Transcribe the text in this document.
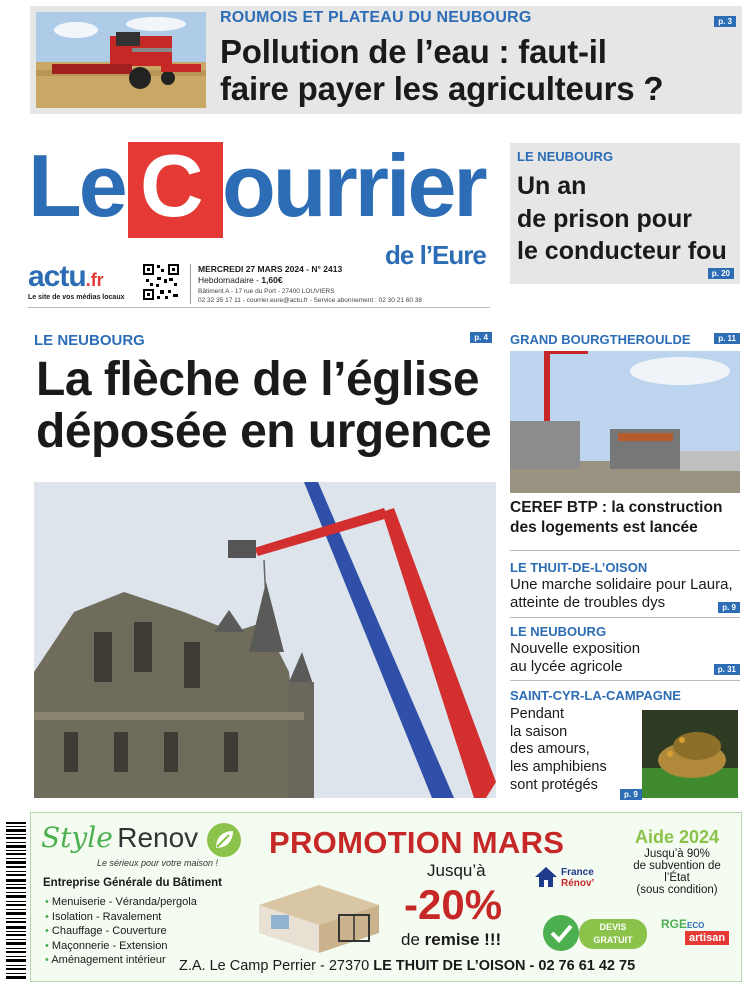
ROUMOIS ET PLATEAU DU NEUBOURG	p. 3
Pollution de l’eau : faut-il
faire payer les agriculteurs ?
Le C ourrier
de l’Eure
actu.fr
Le site de vos médias locaux
MERCREDI 27 MARS 2024 - N° 2413
Hebdomadaire - 1,60€
Bâtiment A - 17 rue du Port - 27400 LOUVIERS
02 32 35 17 11 - courrier.eure@actu.fr - Service abonnement : 02 30 21 60 38
LE NEUBOURG
Un an
de prison pour
le conducteur fou
p. 20
LE NEUBOURG	p. 4
La flèche de l’église
déposée en urgence
GRAND BOURGTHEROULDE	p. 11
CEREF BTP : la construction
des logements est lancée
LE THUIT-DE-L’OISON
Une marche solidaire pour Laura,
atteinte de troubles dys	p. 9
LE NEUBOURG
Nouvelle exposition
au lycée agricole	p. 31
SAINT-CYR-LA-CAMPAGNE
Pendant
la saison
des amours,
les amphibiens
sont protégés
p. 9
Style Renov
Le sérieux pour votre maison !
Entreprise Générale du Bâtiment
• Menuiserie - Véranda/pergola
• Isolation - Ravalement
• Chauffage - Couverture
• Maçonnerie - Extension
• Aménagement intérieur
PROMOTION MARS
Jusqu’à
-20%
de remise !!!
France
Rénov’
DEVIS
GRATUIT
Aide 2024
Jusqu’à 90%
de subvention de l’État
(sous condition)
RGEECO
artisan
Z.A. Le Camp Perrier - 27370 LE THUIT DE L’OISON - 02 76 61 42 75
